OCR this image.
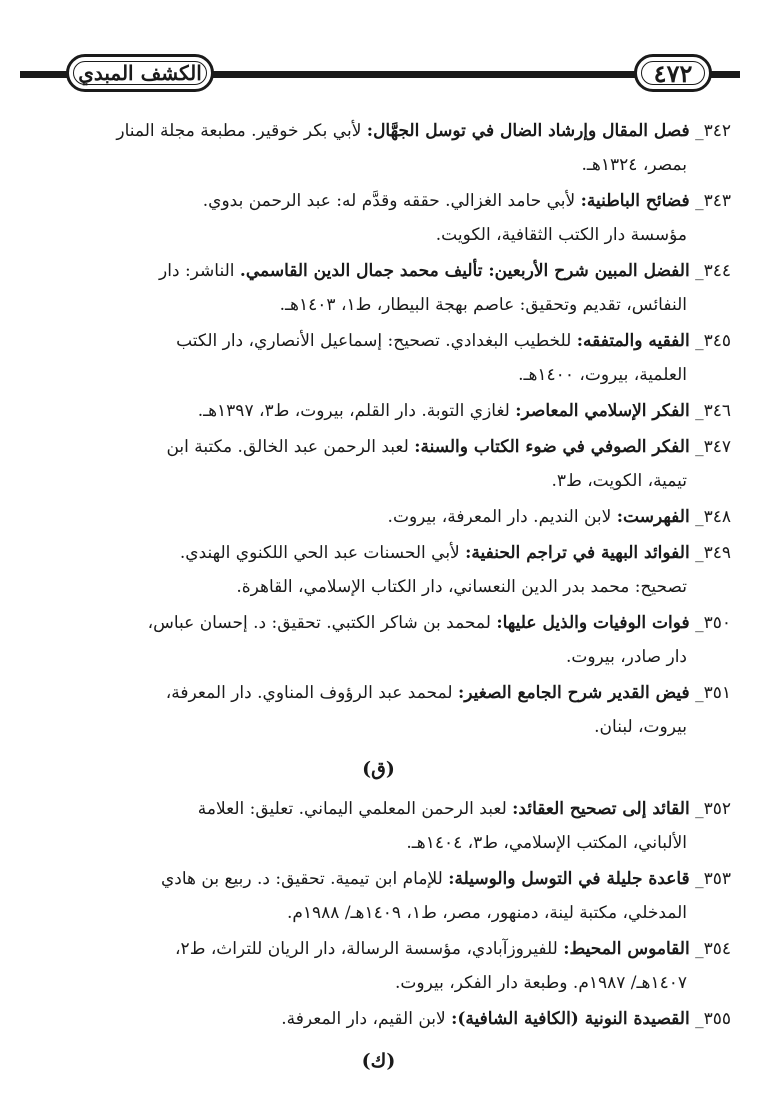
٤٧٢
الكشف المبدي
٣٤٢_ فصل المقال وإرشاد الضال في توسل الجهَّال: لأبي بكر خوقير. مطبعة مجلة المنار
بمصر، ١٣٢٤هـ.
٣٤٣_ فضائح الباطنية: لأبي حامد الغزالي. حققه وقدَّم له: عبد الرحمن بدوي.
مؤسسة دار الكتب الثقافية، الكويت.
٣٤٤_ الفضل المبين شرح الأربعين: تأليف محمد جمال الدين القاسمي. الناشر: دار
النفائس، تقديم وتحقيق: عاصم بهجة البيطار، ط١، ١٤٠٣هـ.
٣٤٥_ الفقيه والمتفقه: للخطيب البغدادي. تصحيح: إسماعيل الأنصاري، دار الكتب
العلمية، بيروت، ١٤٠٠هـ.
٣٤٦_ الفكر الإسلامي المعاصر: لغازي التوبة. دار القلم، بيروت، ط٣، ١٣٩٧هـ.
٣٤٧_ الفكر الصوفي في ضوء الكتاب والسنة: لعبد الرحمن عبد الخالق. مكتبة ابن
تيمية، الكويت، ط٣.
٣٤٨_ الفهرست: لابن النديم. دار المعرفة، بيروت.
٣٤٩_ الفوائد البهية في تراجم الحنفية: لأبي الحسنات عبد الحي اللكنوي الهندي.
تصحيح: محمد بدر الدين النعساني، دار الكتاب الإسلامي، القاهرة.
٣٥٠_ فوات الوفيات والذيل عليها: لمحمد بن شاكر الكتبي. تحقيق: د. إحسان عباس،
دار صادر، بيروت.
٣٥١_ فيض القدير شرح الجامع الصغير: لمحمد عبد الرؤوف المناوي. دار المعرفة،
بيروت، لبنان.
(ق)
٣٥٢_ القائد إلى تصحيح العقائد: لعبد الرحمن المعلمي اليماني. تعليق: العلامة
الألباني، المكتب الإسلامي، ط٣، ١٤٠٤هـ.
٣٥٣_ قاعدة جليلة في التوسل والوسيلة: للإمام ابن تيمية. تحقيق: د. ربيع بن هادي
المدخلي، مكتبة لينة، دمنهور، مصر، ط١، ١٤٠٩هـ/ ١٩٨٨م.
٣٥٤_ القاموس المحيط: للفيروزآبادي، مؤسسة الرسالة، دار الريان للتراث، ط٢،
١٤٠٧هـ/ ١٩٨٧م. وطبعة دار الفكر، بيروت.
٣٥٥_ القصيدة النونية (الكافية الشافية): لابن القيم، دار المعرفة.
(ك)
